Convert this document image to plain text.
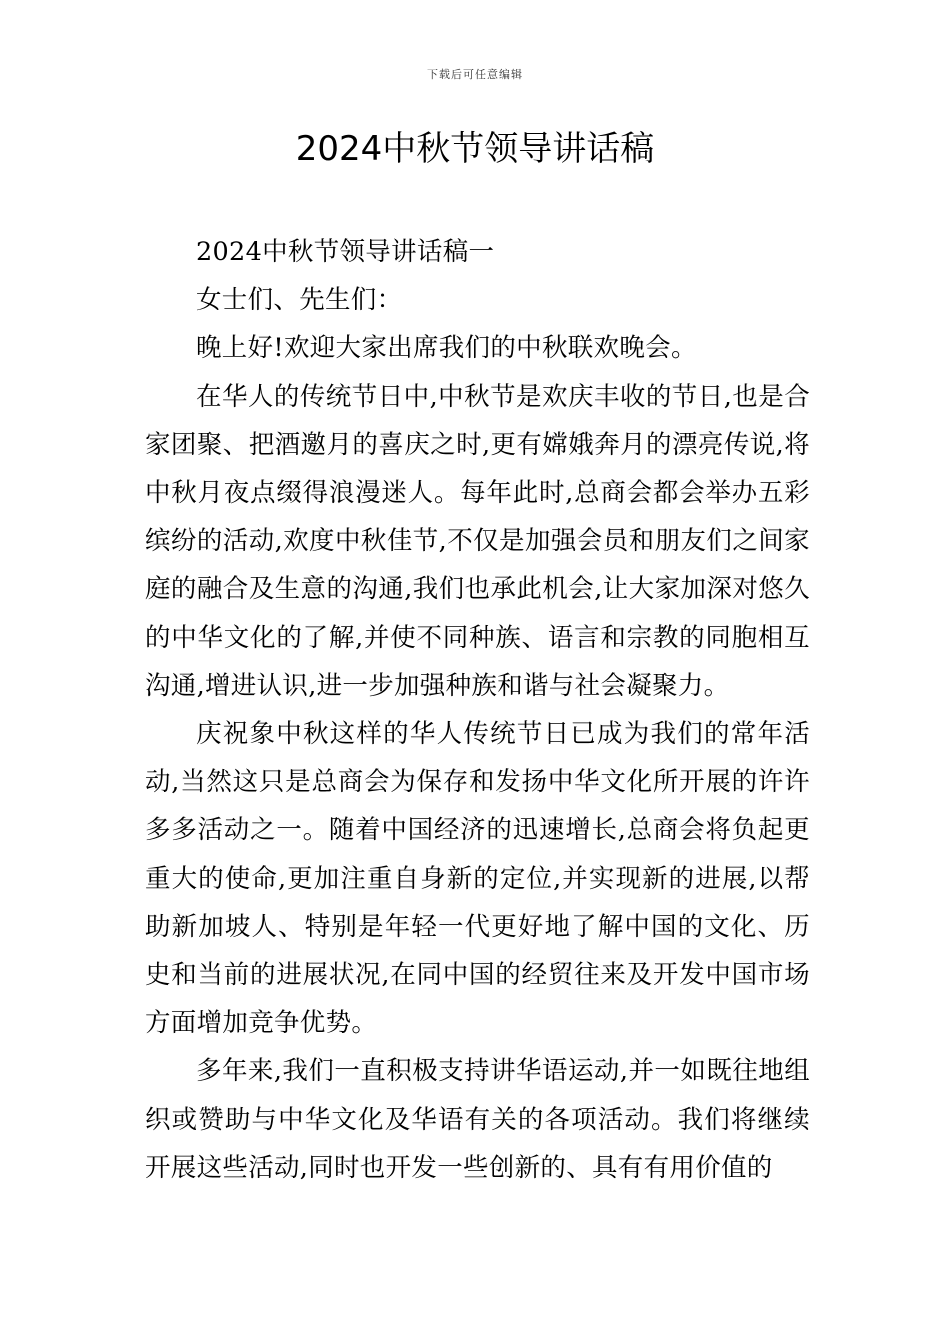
下载后可任意编辑
2024中秋节领导讲话稿

2024中秋节领导讲话稿一

女士们、先生们：

晚上好!欢迎大家出席我们的中秋联欢晚会。

在华人的传统节日中,中秋节是欢庆丰收的节日,也是合家团聚、把酒邀月的喜庆之时,更有嫦娥奔月的漂亮传说,将中秋月夜点缀得浪漫迷人。每年此时,总商会都会举办五彩缤纷的活动,欢度中秋佳节,不仅是加强会员和朋友们之间家庭的融合及生意的沟通,我们也承此机会,让大家加深对悠久的中华文化的了解,并使不同种族、语言和宗教的同胞相互沟通,增进认识,进一步加强种族和谐与社会凝聚力。

庆祝象中秋这样的华人传统节日已成为我们的常年活动,当然这只是总商会为保存和发扬中华文化所开展的许许多多活动之一。随着中国经济的迅速增长,总商会将负起更重大的使命,更加注重自身新的定位,并实现新的进展,以帮助新加坡人、特别是年轻一代更好地了解中国的文化、历史和当前的进展状况,在同中国的经贸往来及开发中国市场方面增加竞争优势。

多年来,我们一直积极支持讲华语运动,并一如既往地组织或赞助与中华文化及华语有关的各项活动。我们将继续开展这些活动,同时也开发一些创新的、具有有用价值的
